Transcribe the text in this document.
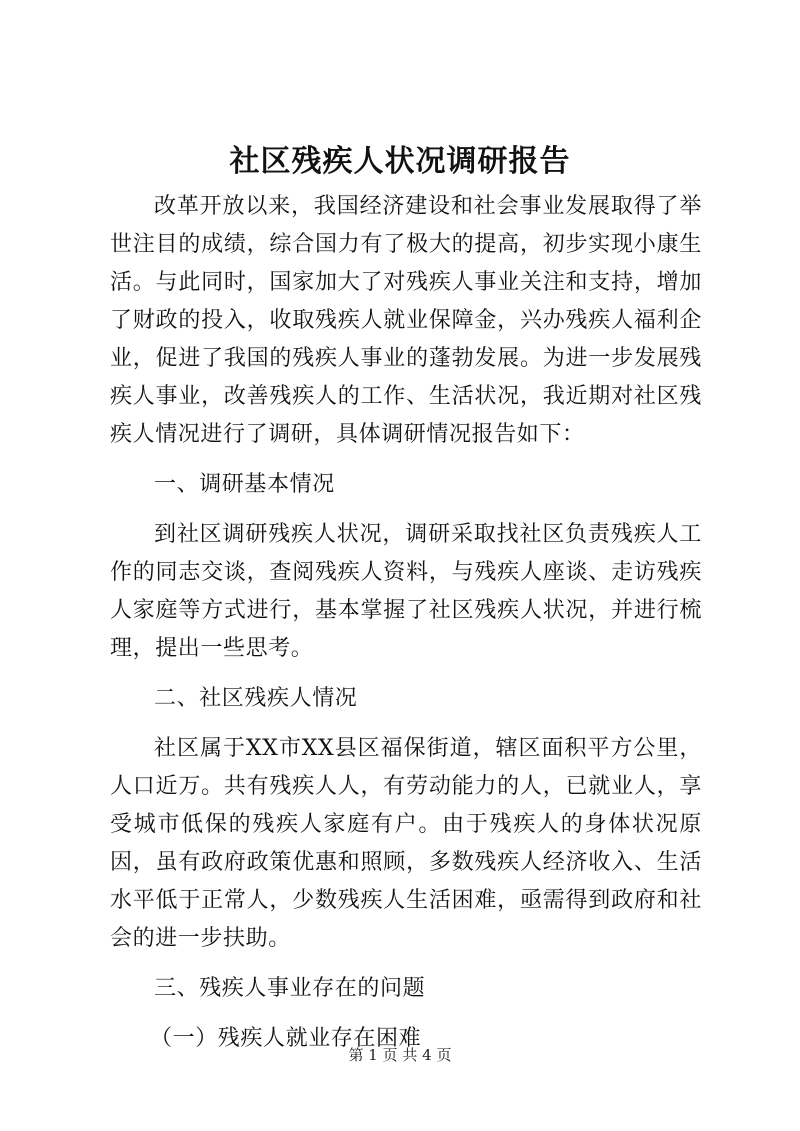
社区残疾人状况调研报告

改革开放以来，我国经济建设和社会事业发展取得了举世注目的成绩，综合国力有了极大的提高，初步实现小康生活。与此同时，国家加大了对残疾人事业关注和支持，增加了财政的投入，收取残疾人就业保障金，兴办残疾人福利企业，促进了我国的残疾人事业的蓬勃发展。为进一步发展残疾人事业，改善残疾人的工作、生活状况，我近期对社区残疾人情况进行了调研，具体调研情况报告如下：

一、调研基本情况

到社区调研残疾人状况，调研采取找社区负责残疾人工作的同志交谈，查阅残疾人资料，与残疾人座谈、走访残疾人家庭等方式进行，基本掌握了社区残疾人状况，并进行梳理，提出一些思考。

二、社区残疾人情况

社区属于XX市XX县区福保街道，辖区面积平方公里，人口近万。共有残疾人人，有劳动能力的人，已就业人，享受城市低保的残疾人家庭有户。由于残疾人的身体状况原因，虽有政府政策优惠和照顾，多数残疾人经济收入、生活水平低于正常人，少数残疾人生活困难，亟需得到政府和社会的进一步扶助。

三、残疾人事业存在的问题

（一）残疾人就业存在困难

第 1 页 共 4 页
